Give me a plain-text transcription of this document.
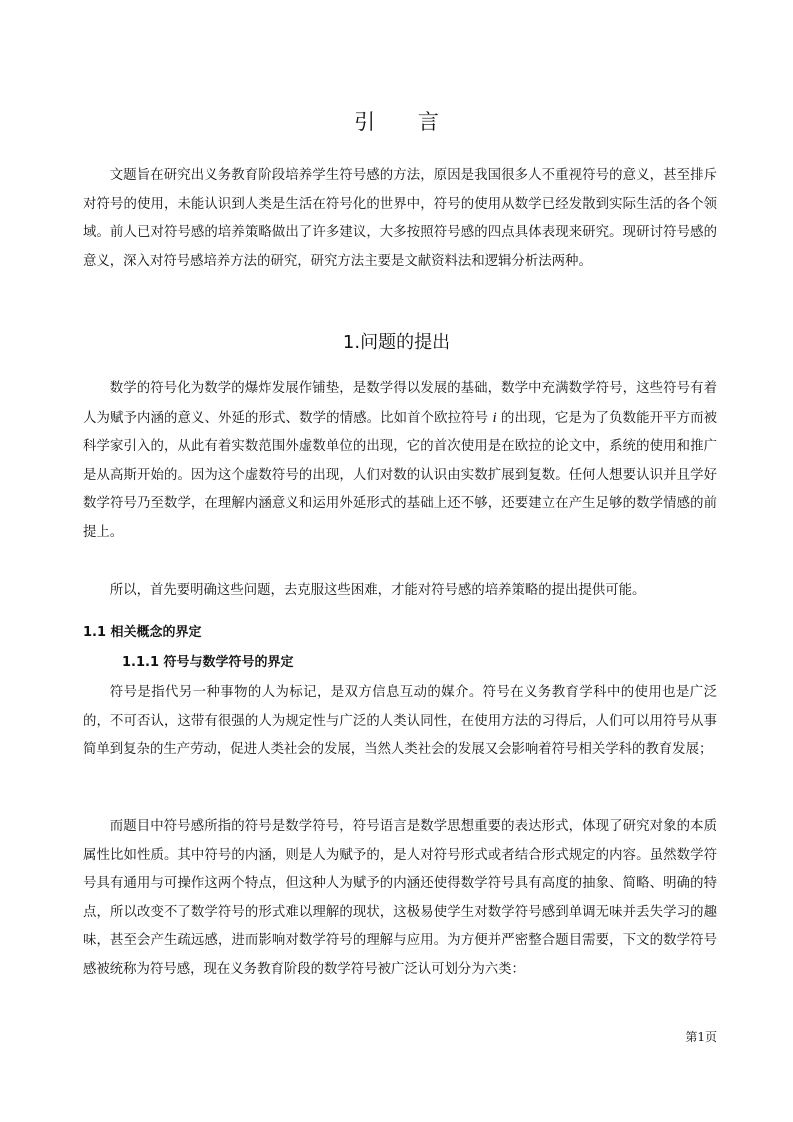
引 言

文题旨在研究出义务教育阶段培养学生符号感的方法，原因是我国很多人不重视符号的意义，甚至排斥对符号的使用，未能认识到人类是生活在符号化的世界中，符号的使用从数学已经发散到实际生活的各个领域。前人已对符号感的培养策略做出了许多建议，大多按照符号感的四点具体表现来研究。现研讨符号感的意义，深入对符号感培养方法的研究，研究方法主要是文献资料法和逻辑分析法两种。

1.问题的提出

数学的符号化为数学的爆炸发展作铺垫，是数学得以发展的基础，数学中充满数学符号，这些符号有着人为赋予内涵的意义、外延的形式、数学的情感。比如首个欧拉符号 i 的出现，它是为了负数能开平方而被科学家引入的，从此有着实数范围外虚数单位的出现，它的首次使用是在欧拉的论文中，系统的使用和推广是从高斯开始的。因为这个虚数符号的出现，人们对数的认识由实数扩展到复数。任何人想要认识并且学好数学符号乃至数学，在理解内涵意义和运用外延形式的基础上还不够，还要建立在产生足够的数学情感的前提上。

所以，首先要明确这些问题，去克服这些困难，才能对符号感的培养策略的提出提供可能。

1.1 相关概念的界定
1.1.1 符号与数学符号的界定

符号是指代另一种事物的人为标记，是双方信息互动的媒介。符号在义务教育学科中的使用也是广泛的，不可否认，这带有很强的人为规定性与广泛的人类认同性，在使用方法的习得后，人们可以用符号从事简单到复杂的生产劳动，促进人类社会的发展，当然人类社会的发展又会影响着符号相关学科的教育发展；

而题目中符号感所指的符号是数学符号，符号语言是数学思想重要的表达形式，体现了研究对象的本质属性比如性质。其中符号的内涵，则是人为赋予的，是人对符号形式或者结合形式规定的内容。虽然数学符号具有通用与可操作这两个特点，但这种人为赋予的内涵还使得数学符号具有高度的抽象、简略、明确的特点，所以改变不了数学符号的形式难以理解的现状，这极易使学生对数学符号感到单调无味并丢失学习的趣味，甚至会产生疏远感，进而影响对数学符号的理解与应用。为方便并严密整合题目需要，下文的数学符号感被统称为符号感，现在义务教育阶段的数学符号被广泛认可划分为六类：

第1页
